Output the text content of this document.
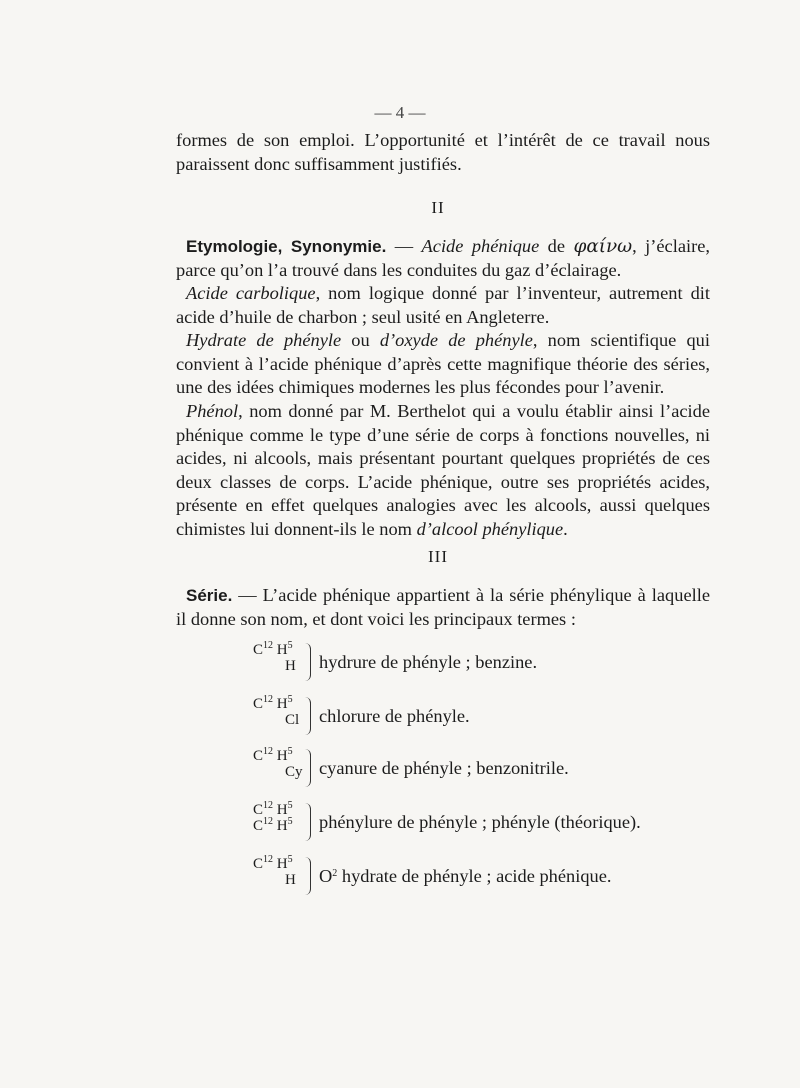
— 4 —

formes de son emploi. L’opportunité et l’intérêt de ce travail nous paraissent donc suffisamment justifiés.

II

Etymologie, Synonymie. — Acide phénique de φαίνω, j’éclaire, parce qu’on l’a trouvé dans les conduites du gaz d’éclairage.

Acide carbolique, nom logique donné par l’inventeur, autrement dit acide d’huile de charbon ; seul usité en Angleterre.

Hydrate de phényle ou d’oxyde de phényle, nom scientifique qui convient à l’acide phénique d’après cette magnifique théorie des séries, une des idées chimiques modernes les plus fécondes pour l’avenir.

Phénol, nom donné par M. Berthelot qui a voulu établir ainsi l’acide phénique comme le type d’une série de corps à fonctions nouvelles, ni acides, ni alcools, mais présentant pourtant quelques propriétés de ces deux classes de corps. L’acide phénique, outre ses propriétés acides, présente en effet quelques analogies avec les alcools, aussi quelques chimistes lui donnent-ils le nom d’alcool phénylique.

III

Série. — L’acide phénique appartient à la série phénylique à laquelle il donne son nom, et dont voici les principaux termes :

$C^{12}$ $H^5$
H hydrure de phényle ; benzine.
$C^{12}$ $H^5$
Cl chlorure de phényle.
$C^{12}$ $H^5$
Cy cyanure de phényle ; benzonitrile.
$C^{12}$ $H^5$
$C^{12}$ $H^5$ phénylure de phényle ; phényle (théorique).
$C^{12}$ $H^5$
H $O^2$ hydrate de phényle ; acide phénique.
